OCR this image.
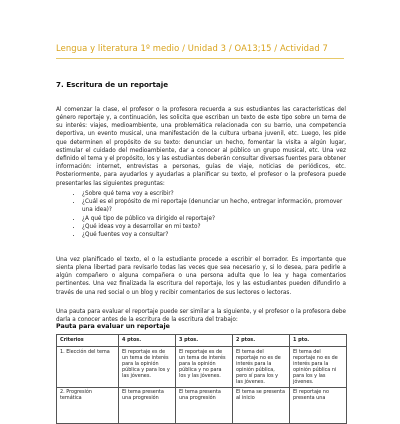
Lengua y literatura 1º medio / Unidad 3 / OA13;15 / Actividad 7
7. Escritura de un reportaje

Al comenzar la clase, el profesor o la profesora recuerda a sus estudiantes las características del género reportaje y, a continuación, les solicita que escriban un texto de este tipo sobre un tema de su interés: viajes, medioambiente, una problemática relacionada con su barrio, una competencia deportiva, un evento musical, una manifestación de la cultura urbana juvenil, etc. Luego, les pide que determinen el propósito de su texto: denunciar un hecho, fomentar la visita a algún lugar, estimular el cuidado del medioambiente, dar a conocer al público un grupo musical, etc. Una vez definido el tema y el propósito, los y las estudiantes deberán consultar diversas fuentes para obtener información: internet, entrevistas a personas, guías de viaje, noticias de periódicos, etc. Posteriormente, para ayudarlos y ayudarlas a planificar su texto, el profesor o la profesora puede presentarles las siguientes preguntas:

• ¿Sobre qué tema voy a escribir?
• ¿Cuál es el propósito de mi reportaje (denunciar un hecho, entregar información, promover una idea)?
• ¿A qué tipo de público va dirigido el reportaje?
• ¿Qué ideas voy a desarrollar en mi texto?
• ¿Qué fuentes voy a consultar?

Una vez planificado el texto, el o la estudiante procede a escribir el borrador. Es importante que sienta plena libertad para revisarlo todas las veces que sea necesario y, si lo desea, para pedirle a algún compañero o alguna compañera o una persona adulta que lo lea y haga comentarios pertinentes. Una vez finalizada la escritura del reportaje, los y las estudiantes pueden difundirlo a través de una red social o un blog y recibir comentarios de sus lectores o lectoras.

Una pauta para evaluar el reportaje puede ser similar a la siguiente, y el profesor o la profesora debe darla a conocer antes de la escritura de la escritura del trabajo:

Pauta para evaluar un reportaje
Criterios	4 ptos.	3 ptos.	2 ptos.	1 pto.
1. Elección del tema	El reportaje es de un tema de interés para la opinión pública y para los y las jóvenes.	El reportaje es de un tema de interés para la opinión pública y no para los y las jóvenes.	El tema del reportaje no es de interés para la opinión pública, pero sí para los y las jóvenes.	El tema del reportaje no es de interés para la opinión pública ni para los y las jóvenes.
2. Progresión temática	El tema presenta una progresión	El tema presenta una progresión	El tema se presenta al inicio	El reportaje no presenta una
